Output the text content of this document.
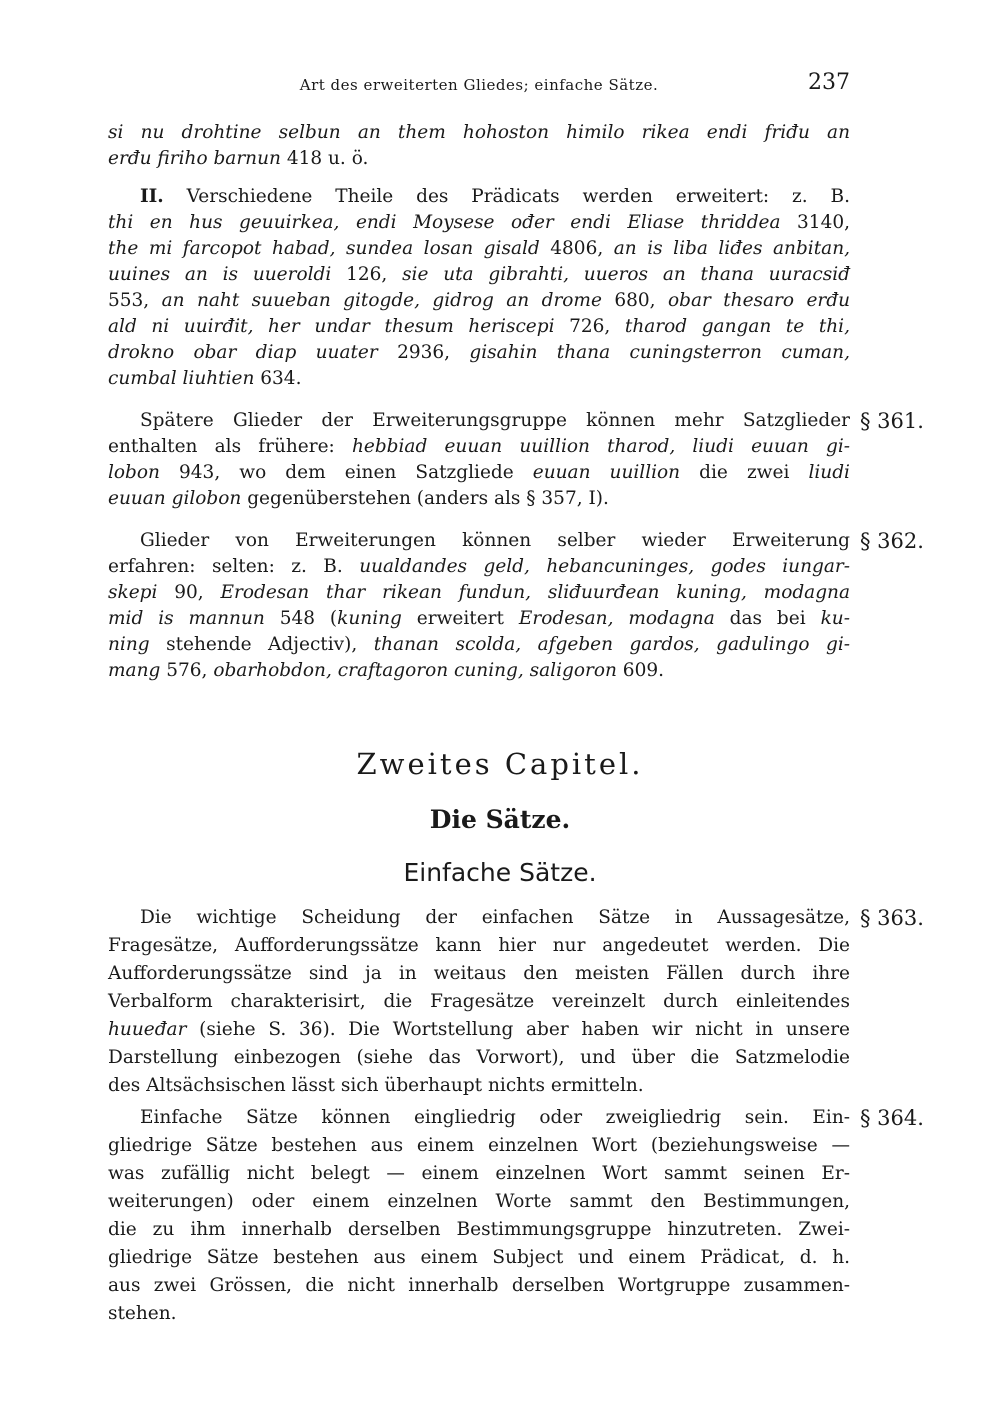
Art des erweiterten Gliedes; einfache Sätze.	237
si nu drohtine selbun an them hohoston himilo rikea endi friđu an
erđu firiho barnun 418 u. ö.
II. Verschiedene Theile des Prädicats werden erweitert: z. B.
thi en hus geuuirkea, endi Moysese ođer endi Eliase thriddea 3140,
the mi farcopot habad, sundea losan gisald 4806, an is liba liđes anbitan,
uuines an is uueroldi 126, sie uta gibrahti, uueros an thana uuracsiđ
553, an naht suueban gitogde, gidrog an drome 680, obar thesaro erđu
ald ni uuirđit, her undar thesum heriscepi 726, tharod gangan te thi,
drokno obar diap uuater 2936, gisahin thana cuningsterron cuman,
cumbal liuhtien 634.
Spätere Glieder der Erweiterungsgruppe können mehr Satzglieder § 361.
enthalten als frühere: hebbiad euuan uuillion tharod, liudi euuan gi-
lobon 943, wo dem einen Satzgliede euuan uuillion die zwei liudi
euuan gilobon gegenüberstehen (anders als § 357, I).
Glieder von Erweiterungen können selber wieder Erweiterung § 362.
erfahren: selten: z. B. uualdandes geld, hebancuninges, godes iungar-
skepi 90, Erodesan thar rikean fundun, sliđuurđean kuning, modagna
mid is mannun 548 (kuning erweitert Erodesan, modagna das bei ku-
ning stehende Adjectiv), thanan scolda, afgeben gardos, gadulingo gi-
mang 576, obarhobdon, craftagoron cuning, saligoron 609.
Zweites Capitel.
Die Sätze.
Einfache Sätze.
Die wichtige Scheidung der einfachen Sätze in Aussagesätze, § 363.
Fragesätze, Aufforderungssätze kann hier nur angedeutet werden. Die
Aufforderungssätze sind ja in weitaus den meisten Fällen durch ihre
Verbalform charakterisirt, die Fragesätze vereinzelt durch einleitendes
huueđar (siehe S. 36). Die Wortstellung aber haben wir nicht in unsere
Darstellung einbezogen (siehe das Vorwort), und über die Satzmelodie
des Altsächsischen lässt sich überhaupt nichts ermitteln.
Einfache Sätze können eingliedrig oder zweigliedrig sein. Ein- § 364.
gliedrige Sätze bestehen aus einem einzelnen Wort (beziehungsweise —
was zufällig nicht belegt — einem einzelnen Wort sammt seinen Er-
weiterungen) oder einem einzelnen Worte sammt den Bestimmungen,
die zu ihm innerhalb derselben Bestimmungsgruppe hinzutreten. Zwei-
gliedrige Sätze bestehen aus einem Subject und einem Prädicat, d. h.
aus zwei Grössen, die nicht innerhalb derselben Wortgruppe zusammen-
stehen.
